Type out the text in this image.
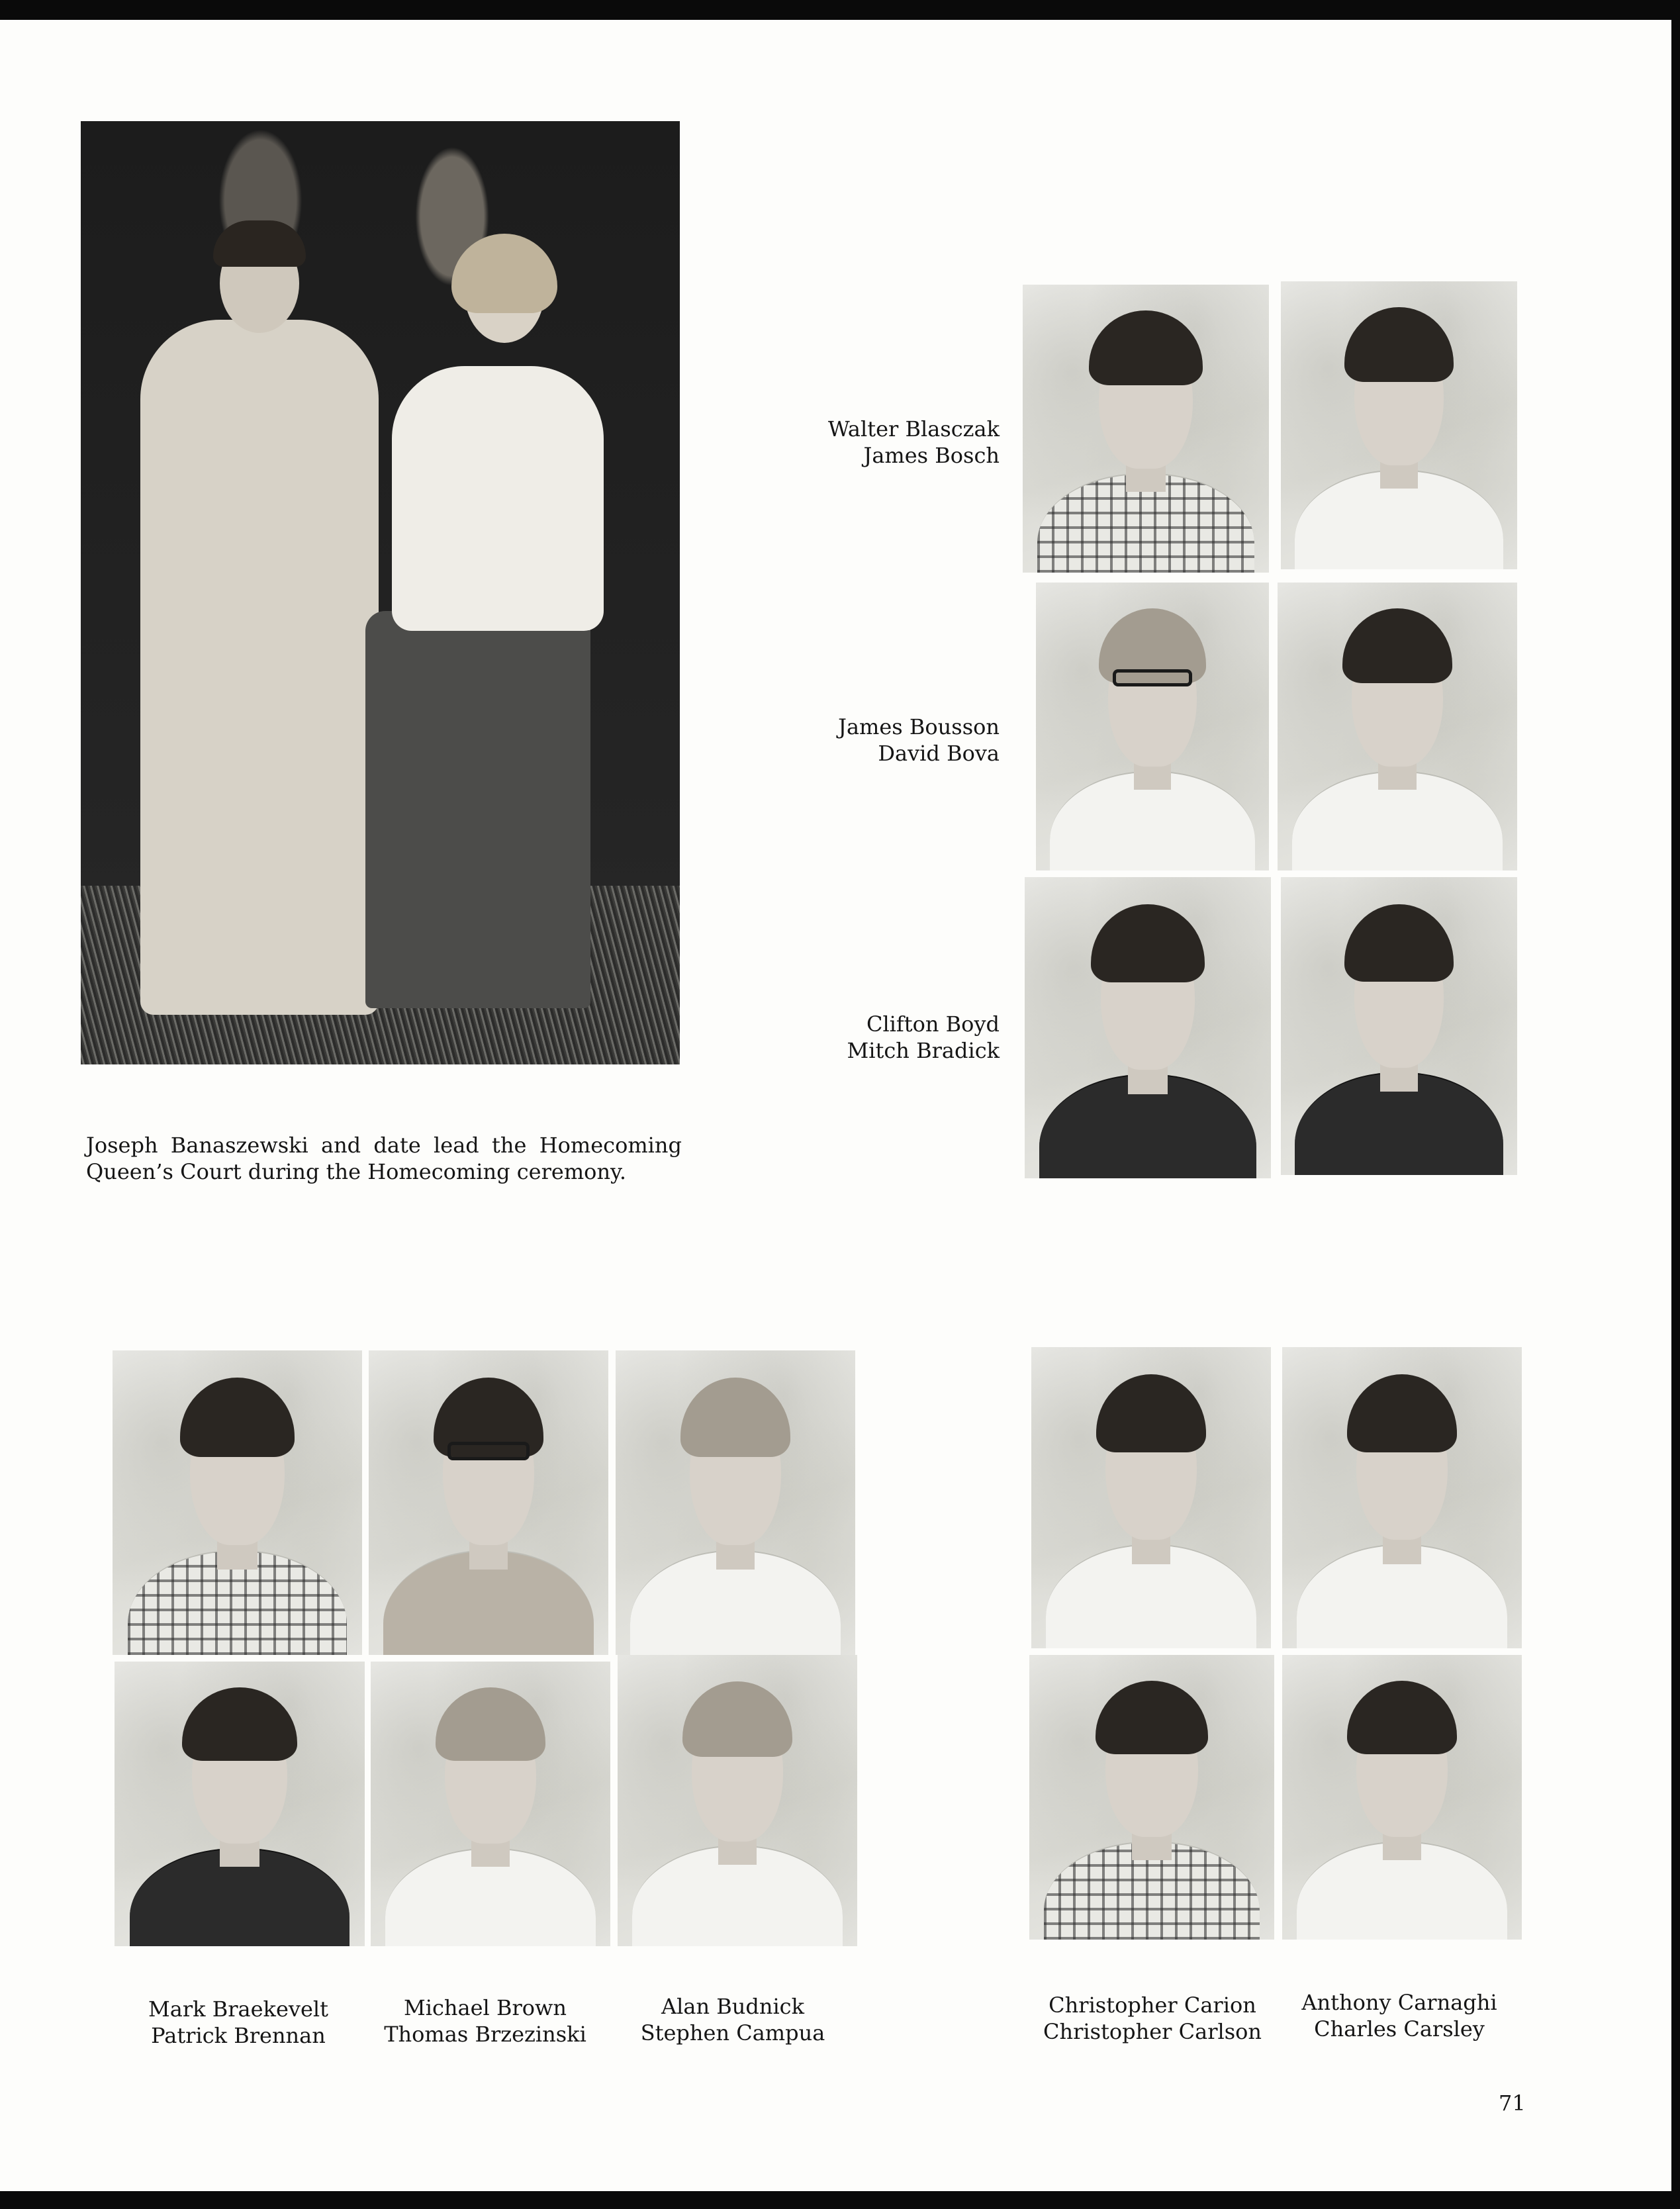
Joseph Banaszewski and date lead the Homecoming Queen’s Court during the Homecoming ceremony.
Walter Blasczak
James Bosch
James Bousson
David Bova
Clifton Boyd
Mitch Bradick
Mark Braekevelt
Patrick Brennan
Michael Brown
Thomas Brzezinski
Alan Budnick
Stephen Campua
Christopher Carion
Christopher Carlson
Anthony Carnaghi
Charles Carsley
71
